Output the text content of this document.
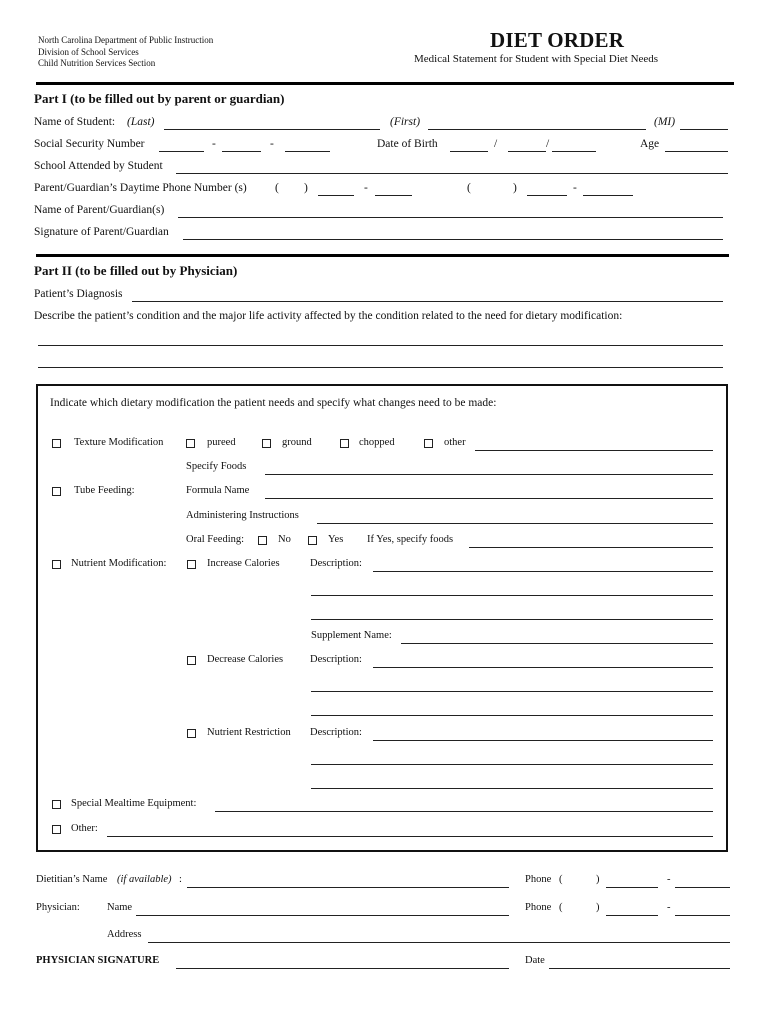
North Carolina Department of Public Instruction
Division of School Services
Child Nutrition Services Section
DIET ORDER
Medical Statement for Student with Special Diet Needs
Part I (to be filled out by parent or guardian)
Name of Student: (Last)	(First)	(MI)
Social Security Number	-	-	Date of Birth	/	/	Age
School Attended by Student
Parent/Guardian’s Daytime Phone Number (s) ( )	-	(	)	-
Name of Parent/Guardian(s)
Signature of Parent/Guardian
Part II (to be filled out by Physician)
Patient’s Diagnosis
Describe the patient’s condition and the major life activity affected by the condition related to the need for dietary modification:
Indicate which dietary modification the patient needs and specify what changes need to be made:
Texture Modification	pureed	ground	chopped	other
Specify Foods
Tube Feeding:	Formula Name
Administering Instructions
Oral Feeding:	No	Yes If Yes, specify foods
Nutrient Modification:	Increase Calories	Description:
Supplement Name:
Decrease Calories	Description:
Nutrient Restriction Description:
Special Mealtime Equipment:
Other:
Dietitian’s Name (if available) :	Phone (	)	-
Physician:	Name	Phone (	)	-
Address
PHYSICIAN SIGNATURE	Date
